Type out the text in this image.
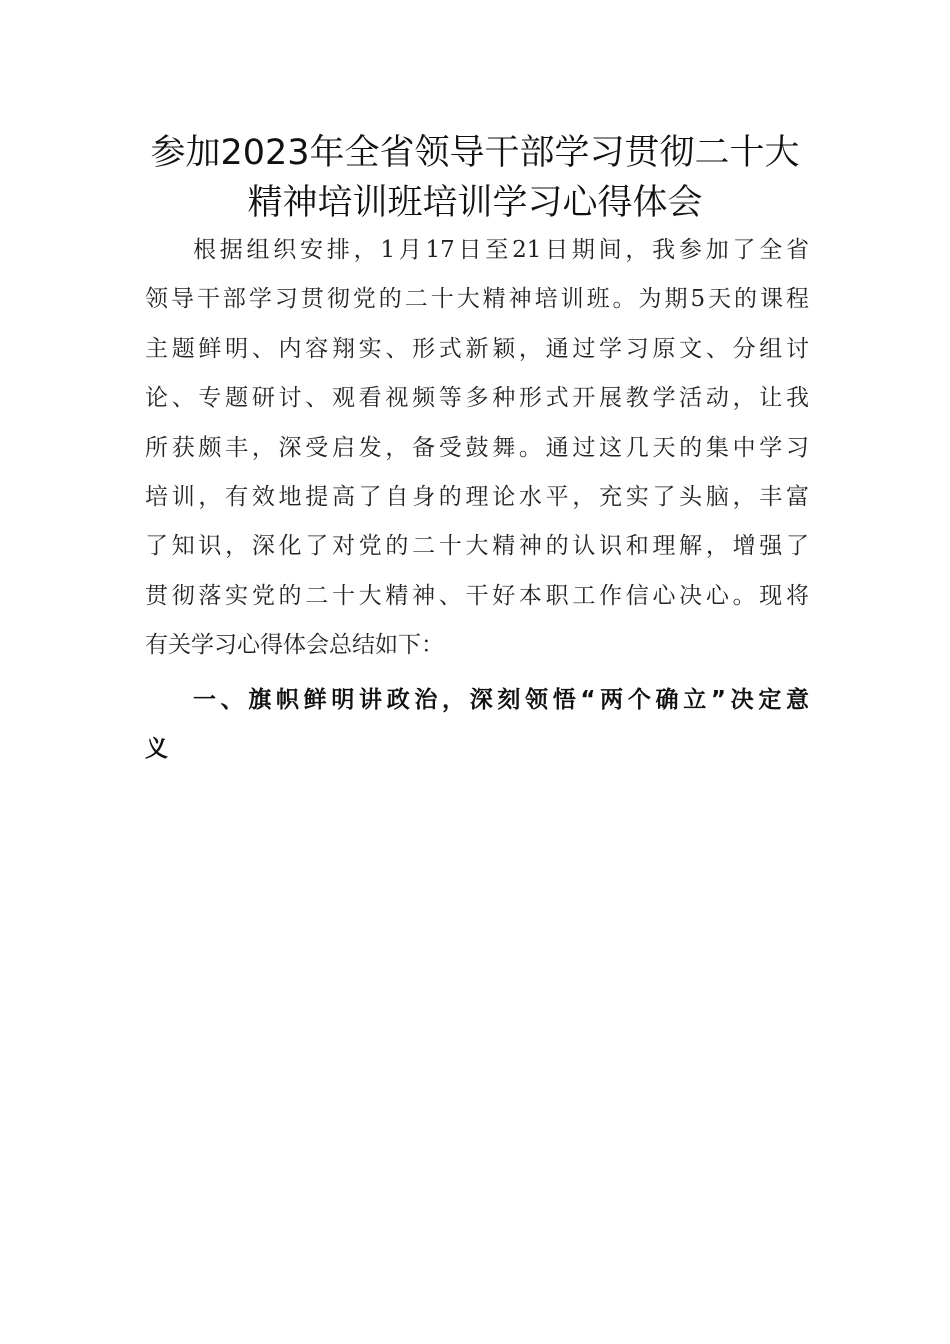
参加2023年全省领导干部学习贯彻二十大
精神培训班培训学习心得体会
根据组织安排，1月17日至21日期间，我参加了全省
领导干部学习贯彻党的二十大精神培训班。为期5天的课程
主题鲜明、内容翔实、形式新颖，通过学习原文、分组讨
论、专题研讨、观看视频等多种形式开展教学活动，让我
所获颇丰，深受启发，备受鼓舞。通过这几天的集中学习
培训，有效地提高了自身的理论水平，充实了头脑，丰富
了知识，深化了对党的二十大精神的认识和理解，增强了
贯彻落实党的二十大精神、干好本职工作信心决心。现将
有关学习心得体会总结如下：
一、旗帜鲜明讲政治，深刻领悟“两个确立”决定意
义
